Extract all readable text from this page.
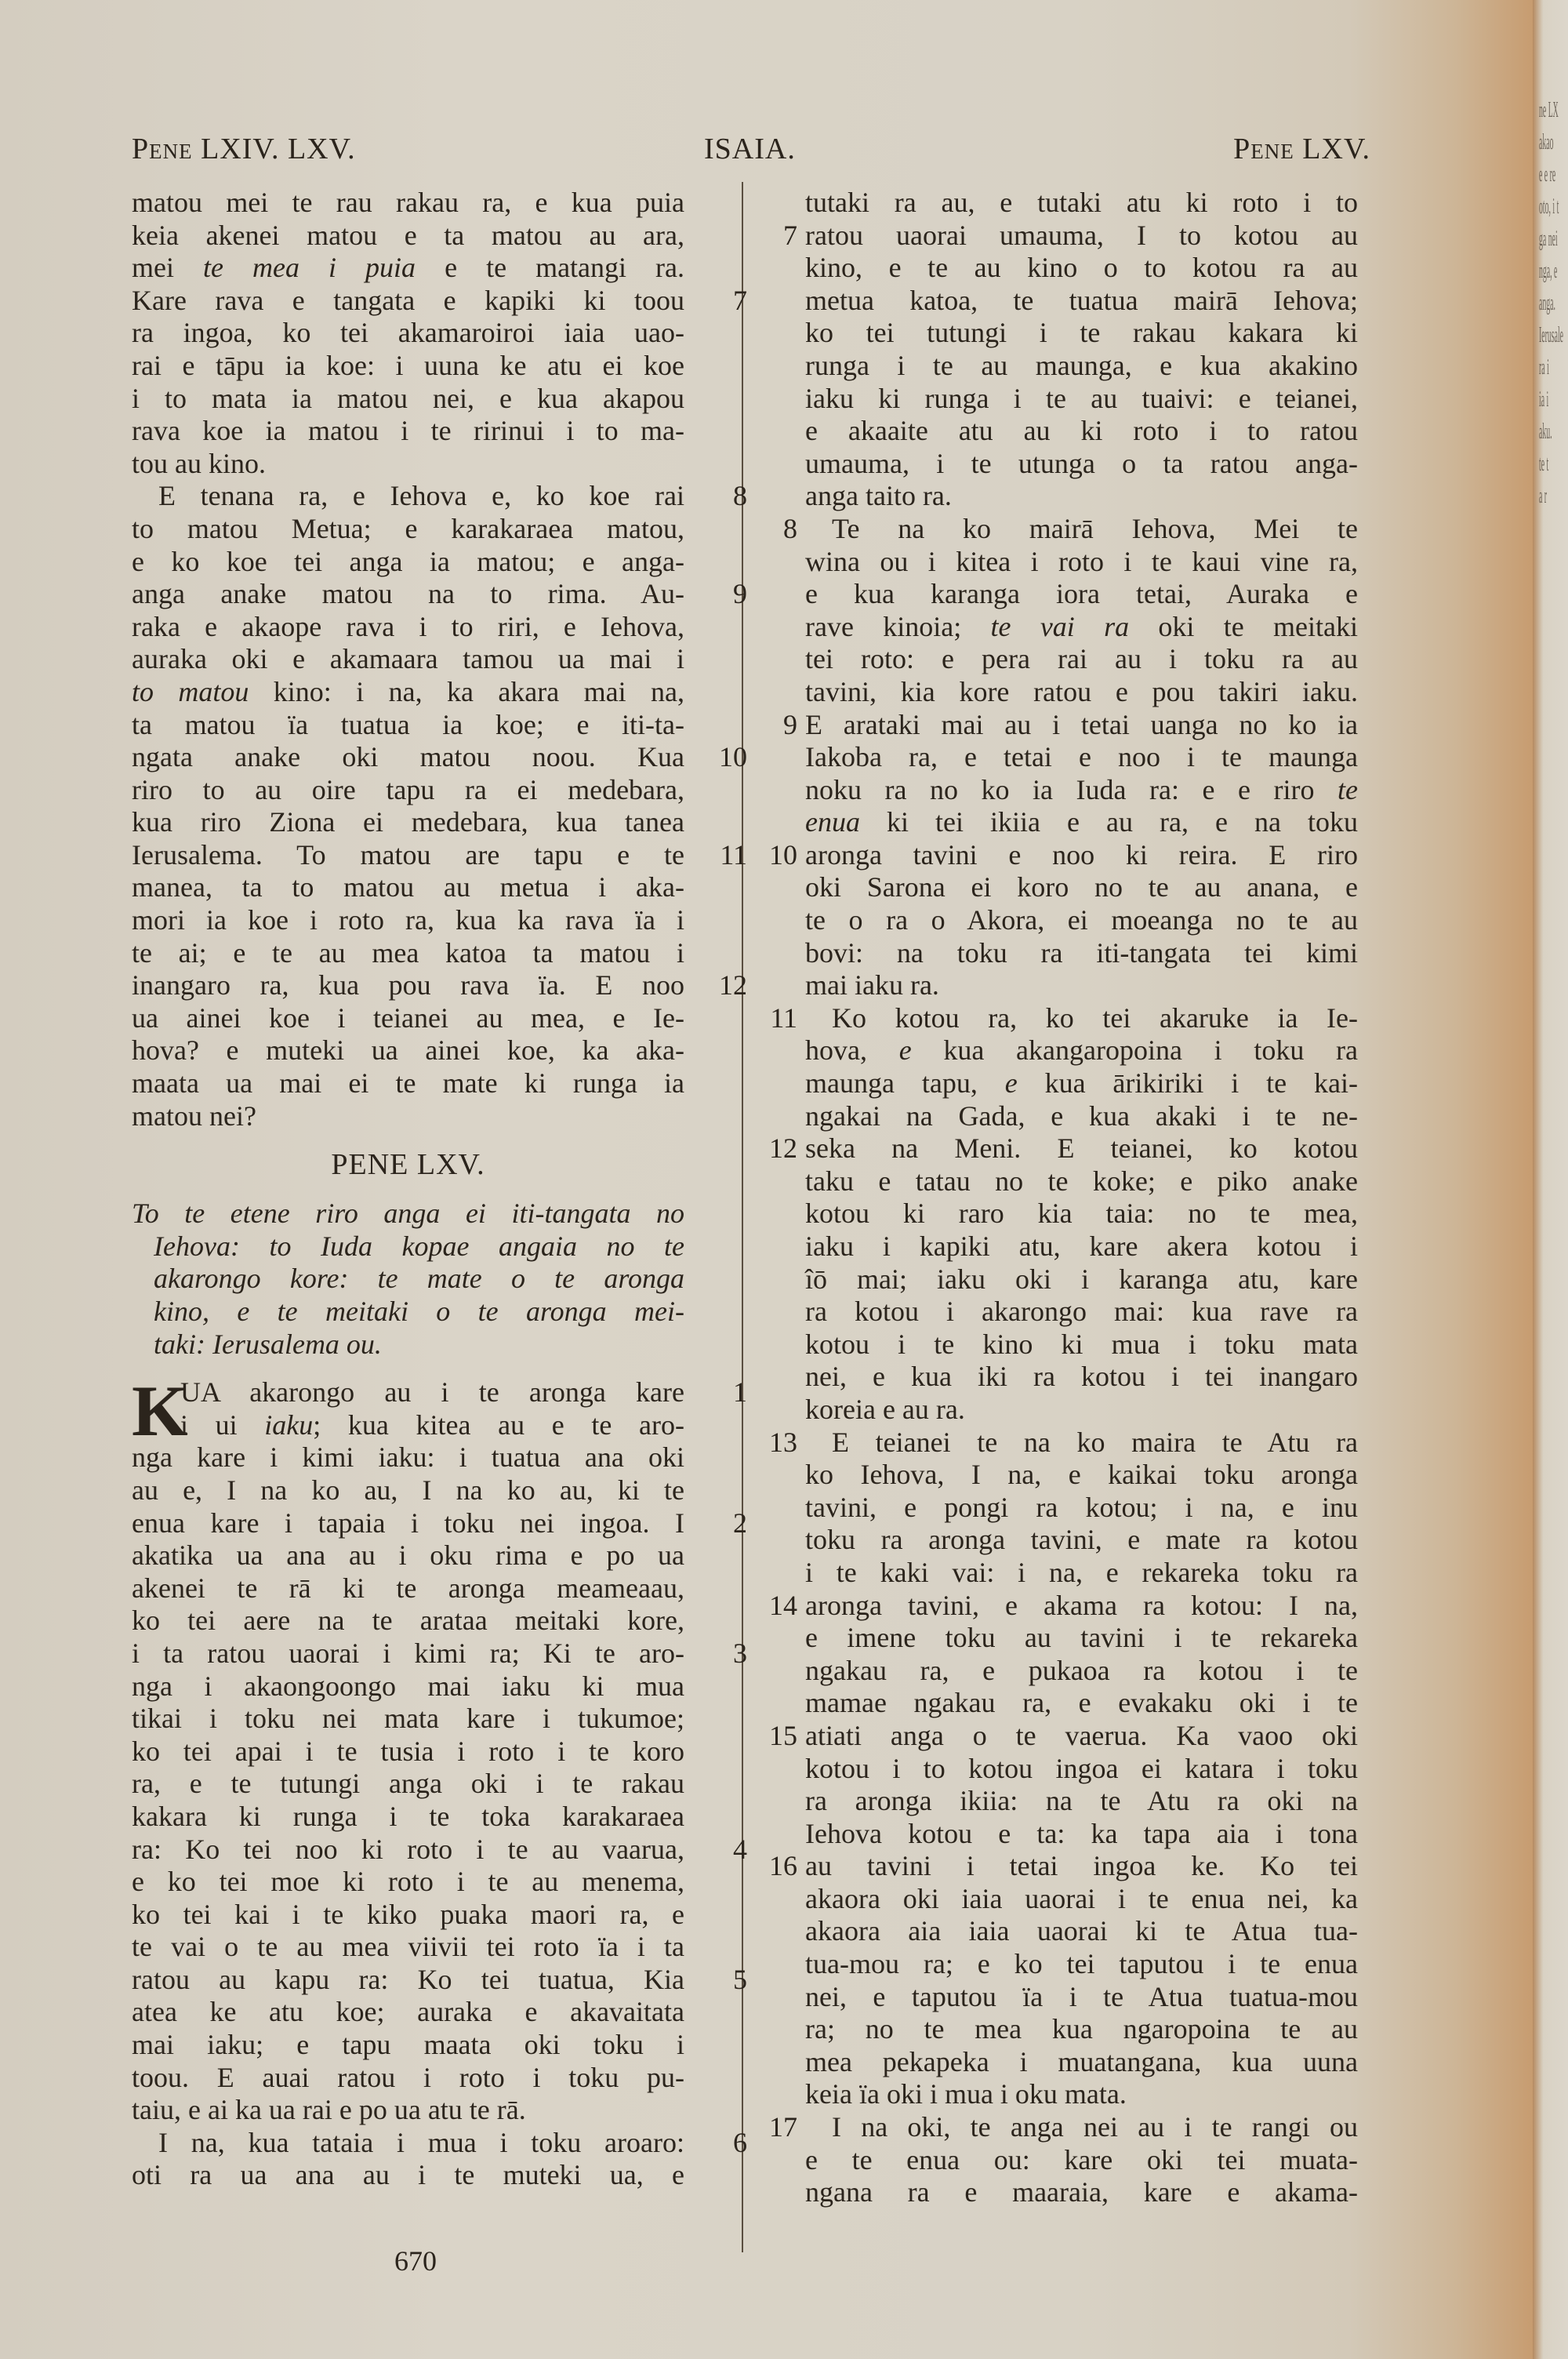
Pene LXIV. LXV.	ISAIA.	Pene LXV.
matou mei te rau rakau ra, e kua puia
keia akenei matou e ta matou au ara,
mei te mea i puia e te matangi ra.
Kare rava e tangata e kapiki ki toou	7
ra ingoa, ko tei akamaroiroi iaia uao-
rai e tāpu ia koe: i uuna ke atu ei koe
i to mata ia matou nei, e kua akapou
rava koe ia matou i te ririnui i to ma-
tou au kino.
E tenana ra, e Iehova e, ko koe rai	8
to matou Metua; e karakaraea matou,
e ko koe tei anga ia matou; e anga-
anga anake matou na to rima. Au-	9
raka e akaope rava i to riri, e Iehova,
auraka oki e akamaara tamou ua mai i
to matou kino: i na, ka akara mai na,
ta matou ïa tuatua ia koe; e iti-ta-
ngata anake oki matou noou. Kua	10
riro to au oire tapu ra ei medebara,
kua riro Ziona ei medebara, kua tanea
Ierusalema. To matou are tapu e te	11
manea, ta to matou au metua i aka-
mori ia koe i roto ra, kua ka rava ïa i
te ai; e te au mea katoa ta matou i
inangaro ra, kua pou rava ïa. E noo	12
ua ainei koe i teianei au mea, e Ie-
hova? e muteki ua ainei koe, ka aka-
maata ua mai ei te mate ki runga ia
matou nei?
PENE LXV.
To te etene riro anga ei iti-tangata no
Iehova: to Iuda kopae angaia no te
akarongo kore: te mate o te aronga
kino, e te meitaki o te aronga mei-
taki: Ierusalema ou.
K
UA akarongo au i te aronga kare	1
i ui iaku; kua kitea au e te aro-
nga kare i kimi iaku: i tuatua ana oki
au e, I na ko au, I na ko au, ki te
enua kare i tapaia i toku nei ingoa. I	2
akatika ua ana au i oku rima e po ua
akenei te rā ki te aronga meameaau,
ko tei aere na te arataa meitaki kore,
i ta ratou uaorai i kimi ra; Ki te aro-	3
nga i akaongoongo mai iaku ki mua
tikai i toku nei mata kare i tukumoe;
ko tei apai i te tusia i roto i te koro
ra, e te tutungi anga oki i te rakau
kakara ki runga i te toka karakaraea
ra: Ko tei noo ki roto i te au vaarua,	4
e ko tei moe ki roto i te au menema,
ko tei kai i te kiko puaka maori ra, e
te vai o te au mea viivii tei roto ïa i ta
ratou au kapu ra: Ko tei tuatua, Kia	5
atea ke atu koe; auraka e akavaitata
mai iaku; e tapu maata oki toku i
toou. E auai ratou i roto i toku pu-
taiu, e ai ka ua rai e po ua atu te rā.
I na, kua tataia i mua i toku aroaro:	6
oti ra ua ana au i te muteki ua, e
tutaki ra au, e tutaki atu ki roto i to
7 ratou uaorai umauma, I to kotou au
kino, e te au kino o to kotou ra au
metua katoa, te tuatua mairā Iehova;
ko tei tutungi i te rakau kakara ki
runga i te au maunga, e kua akakino
iaku ki runga i te au tuaivi: e teianei,
e akaaite atu au ki roto i to ratou
umauma, i te utunga o ta ratou anga-
anga taito ra.
8	Te na ko mairā Iehova, Mei te
wina ou i kitea i roto i te kaui vine ra,
e kua karanga iora tetai, Auraka e
rave kinoia; te vai ra oki te meitaki
tei roto: e pera rai au i toku ra au
tavini, kia kore ratou e pou takiri iaku.
9 E arataki mai au i tetai uanga no ko ia
Iakoba ra, e tetai e noo i te maunga
noku ra no ko ia Iuda ra: e e riro te
enua ki tei ikiia e au ra, e na toku
10 aronga tavini e noo ki reira. E riro
oki Sarona ei koro no te au anana, e
te o ra o Akora, ei moeanga no te au
bovi: na toku ra iti-tangata tei kimi
mai iaku ra.
11	Ko kotou ra, ko tei akaruke ia Ie-
hova, e kua akangaropoina i toku ra
maunga tapu, e kua ārikiriki i te kai-
ngakai na Gada, e kua akaki i te ne-
12 seka na Meni. E teianei, ko kotou
taku e tatau no te koke; e piko anake
kotou ki raro kia taia: no te mea,
iaku i kapiki atu, kare akera kotou i
îō mai; iaku oki i karanga atu, kare
ra kotou i akarongo mai: kua rave ra
kotou i te kino ki mua i toku mata
nei, e kua iki ra kotou i tei inangaro
koreia e au ra.
13	E teianei te na ko maira te Atu ra
ko Iehova, I na, e kaikai toku aronga
tavini, e pongi ra kotou; i na, e inu
toku ra aronga tavini, e mate ra kotou
i te kaki vai: i na, e rekareka toku ra
14 aronga tavini, e akama ra kotou: I na,
e imene toku au tavini i te rekareka
ngakau ra, e pukaoa ra kotou i te
mamae ngakau ra, e evakaku oki i te
15 atiati anga o te vaerua. Ka vaoo oki
kotou i to kotou ingoa ei katara i toku
ra aronga ikiia: na te Atu ra oki na
Iehova kotou e ta: ka tapa aia i tona
16 au tavini i tetai ingoa ke. Ko tei
akaora oki iaia uaorai i te enua nei, ka
akaora aia iaia uaorai ki te Atua tua-
tua-mou ra; e ko tei taputou i te enua
nei, e taputou ïa i te Atua tuatua-mou
ra; no te mea kua ngaropoina te au
mea pekapeka i muatangana, kua uuna
keia ïa oki i mua i oku mata.
17	I na oki, te anga nei au i te rangi ou
e te enua ou: kare oki tei muata-
ngana ra e maaraia, kare e akama-
670
ne LX
akao
e e re
oto, i t
ga nei
nga, e
anga.
Ierusale
ra i
ia i
aku.
te t
a r
